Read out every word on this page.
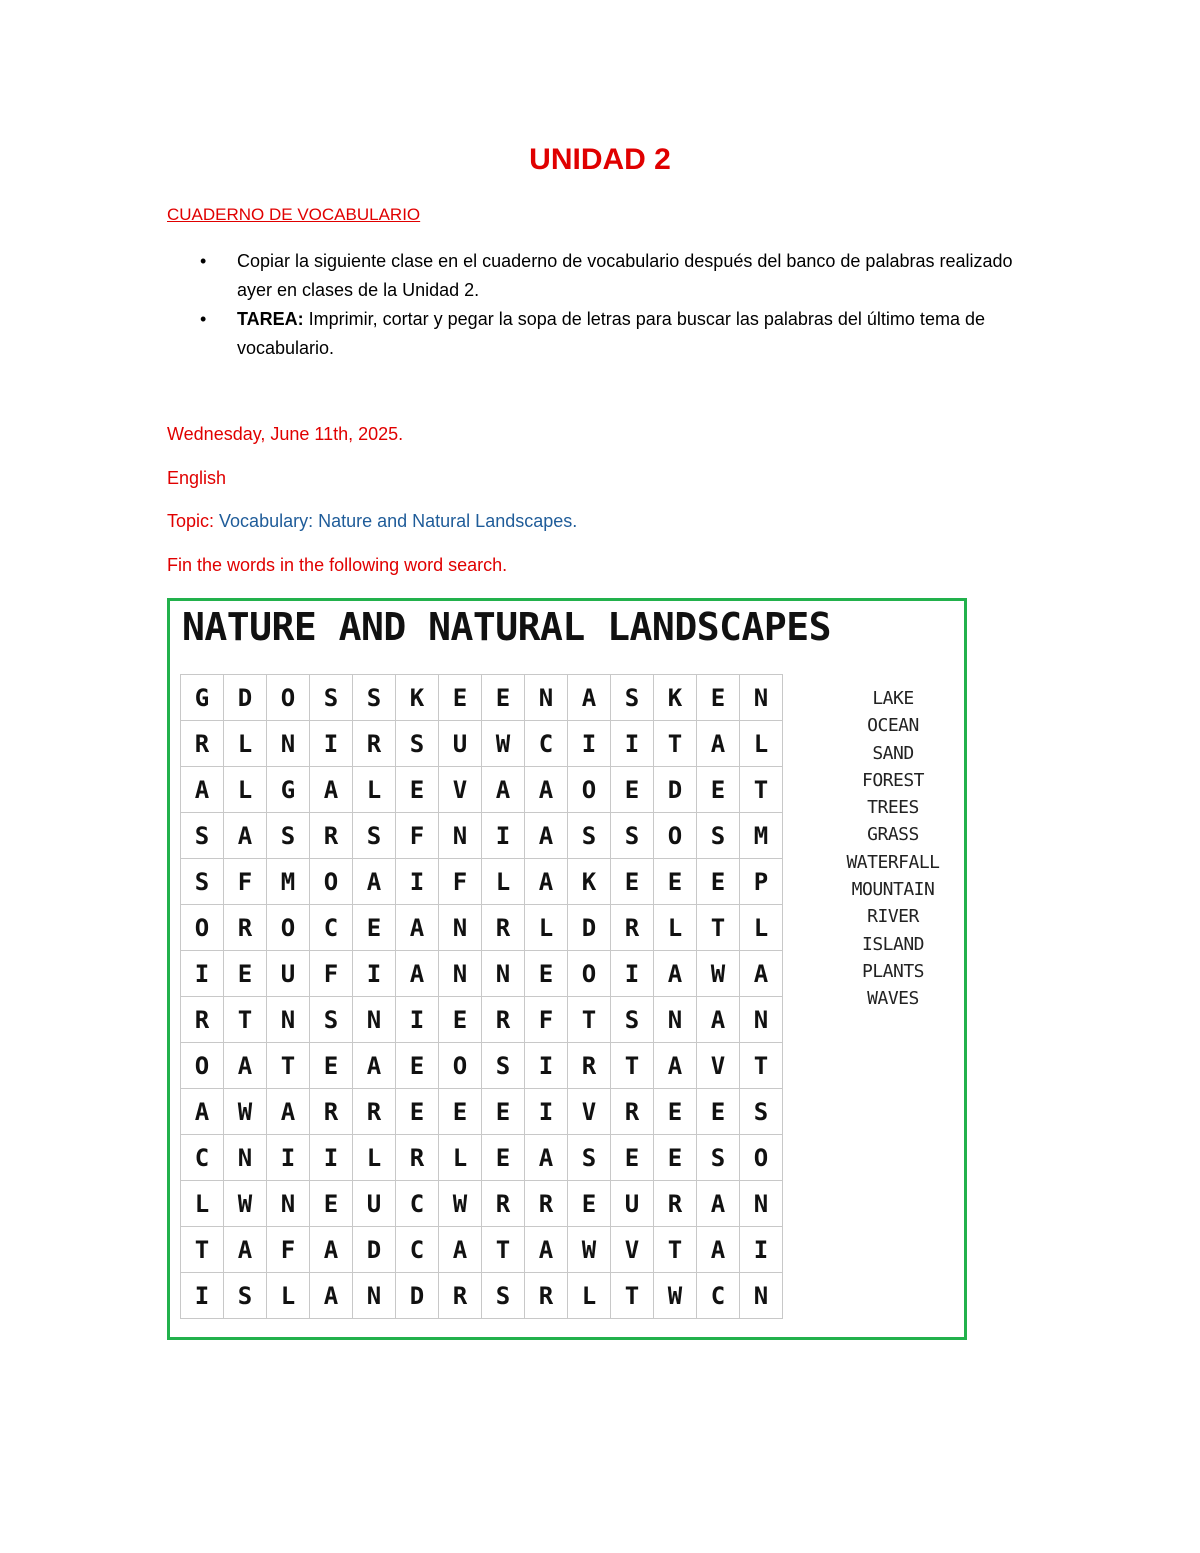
UNIDAD 2
CUADERNO DE VOCABULARIO
• Copiar la siguiente clase en el cuaderno de vocabulario después del banco de palabras realizado ayer en clases de la Unidad 2.
• TAREA: Imprimir, cortar y pegar la sopa de letras para buscar las palabras del último tema de vocabulario.
Wednesday, June 11th, 2025.
English
Topic: Vocabulary: Nature and Natural Landscapes.
Fin the words in the following word search.
NATURE AND NATURAL LANDSCAPES
G	D	O	S	S	K	E	E	N	A	S	K	E	N
R	L	N	I	R	S	U	W	C	I	I	T	A	L
A	L	G	A	L	E	V	A	A	O	E	D	E	T
S	A	S	R	S	F	N	I	A	S	S	O	S	M
S	F	M	O	A	I	F	L	A	K	E	E	E	P
O	R	O	C	E	A	N	R	L	D	R	L	T	L
I	E	U	F	I	A	N	N	E	O	I	A	W	A
R	T	N	S	N	I	E	R	F	T	S	N	A	N
O	A	T	E	A	E	O	S	I	R	T	A	V	T
A	W	A	R	R	E	E	E	I	V	R	E	E	S
C	N	I	I	L	R	L	E	A	S	E	E	S	O
L	W	N	E	U	C	W	R	R	E	U	R	A	N
T	A	F	A	D	C	A	T	A	W	V	T	A	I
I	S	L	A	N	D	R	S	R	L	T	W	C	N
LAKE
OCEAN
SAND
FOREST
TREES
GRASS
WATERFALL
MOUNTAIN
RIVER
ISLAND
PLANTS
WAVES
